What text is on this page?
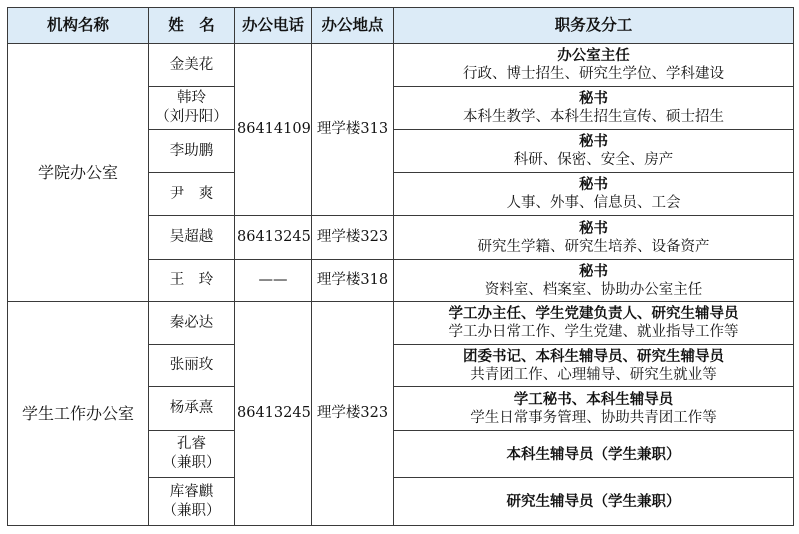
机构名称	姓　名	办公电话	办公地点	职务及分工
学院办公室	金美花	86414109	理学楼313	办公室主任
行政、博士招生、研究生学位、学科建设

	韩玲
（刘丹阳）			秘书
本科生教学、本科生招生宣传、硕士招生

	李助鹏			秘书
科研、保密、安全、房产

	尹　爽			秘书
人事、外事、信息员、工会

	吴超越	86413245	理学楼323	秘书
研究生学籍、研究生培养、设备资产

	王　玲	——	理学楼318	秘书
资料室、档案室、协助办公室主任

学生工作办公室	秦必达	86413245	理学楼323	学工办主任、学生党建负责人、研究生辅导员
学工办日常工作、学生党建、就业指导工作等

	张丽玫			团委书记、本科生辅导员、研究生辅导员
共青团工作、心理辅导、研究生就业等

	杨承熹			学工秘书、本科生辅导员
学生日常事务管理、协助共青团工作等

	孔睿
（兼职）			本科生辅导员（学生兼职）

	库睿麒
（兼职）			研究生辅导员（学生兼职）
